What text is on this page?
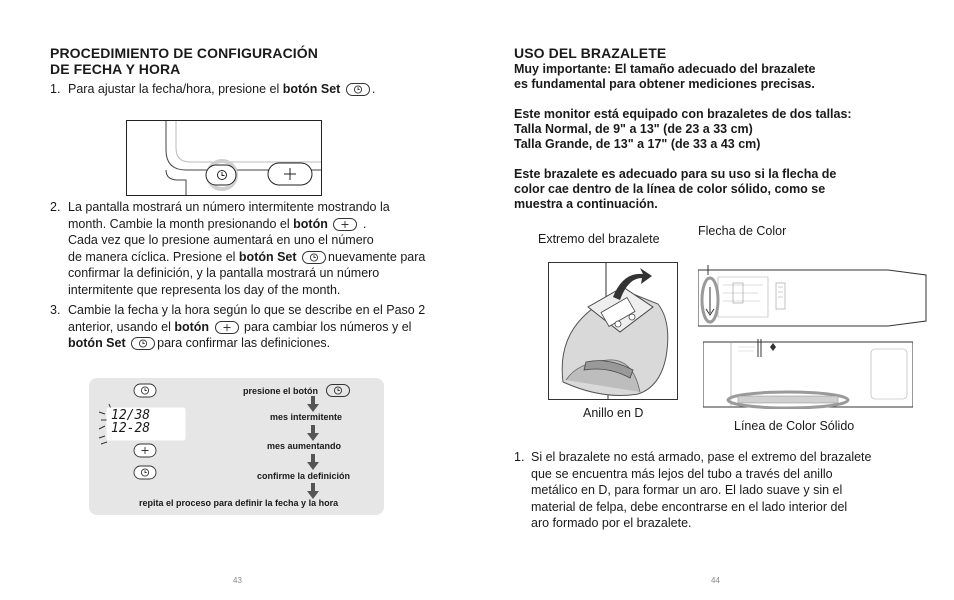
PROCEDIMIENTO DE CONFIGURACIÓN
DE FECHA Y HORA
1. Para ajustar la fecha/hora, presione el botón Set	.
2. La pantalla mostrará un número intermitente mostrando la
month. Cambie la month presionando el botón	.
Cada vez que lo presione aumentará en uno el número
de manera cíclica. Presione el botón Set	nuevamente para
confirmar la definición, y la pantalla mostrará un número
intermitente que representa los day of the month.
3. Cambie la fecha y la hora según lo que se describe en el Paso 2
anterior, usando el botón	para cambiar los números y el
botón Set	para confirmar las definiciones.
12/38
12-28
presione el botón
mes intermitente
mes aumentando
confirme la definición
repita el proceso para definir la fecha y la hora
43
USO DEL BRAZALETE
Muy importante: El tamaño adecuado del brazalete
es fundamental para obtener mediciones precisas.
Este monitor está equipado con brazaletes de dos tallas:
Talla Normal, de 9" a 13" (de 23 a 33 cm)
Talla Grande, de 13" a 17" (de 33 a 43 cm)
Este brazalete es adecuado para su uso si la flecha de
color cae dentro de la línea de color sólido, como se
muestra a continuación.
Extremo del brazalete
Flecha de Color
Anillo en D
Línea de Color Sólido
1. Si el brazalete no está armado, pase el extremo del brazalete
que se encuentra más lejos del tubo a través del anillo
metálico en D, para formar un aro. El lado suave y sin el
material de felpa, debe encontrarse en el lado interior del
aro formado por el brazalete.
44
